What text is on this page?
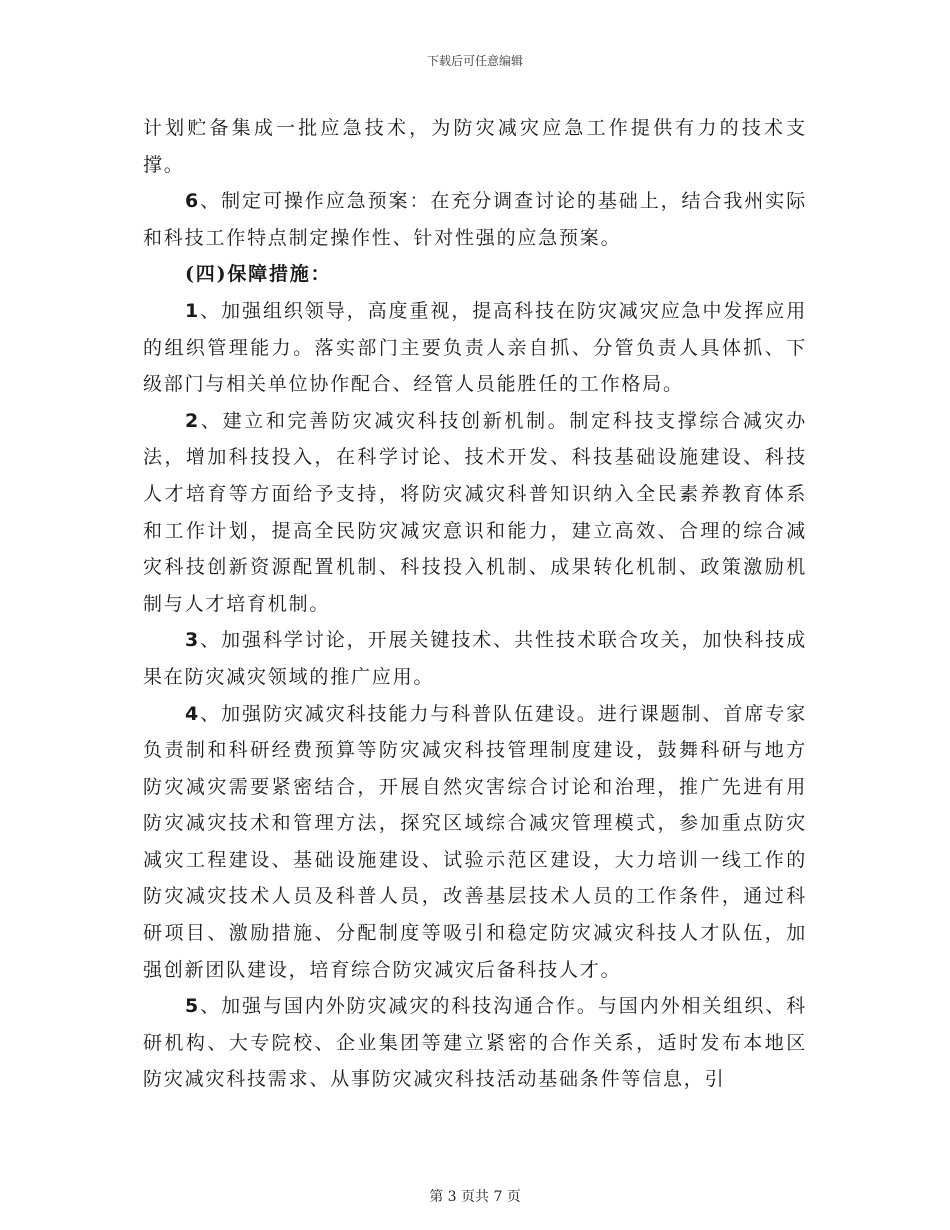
下载后可任意编辑

计划贮备集成一批应急技术，为防灾减灾应急工作提供有力的技术支撑。

6、制定可操作应急预案：在充分调查讨论的基础上，结合我州实际和科技工作特点制定操作性、针对性强的应急预案。

(四)保障措施：

1、加强组织领导，高度重视，提高科技在防灾减灾应急中发挥应用的组织管理能力。落实部门主要负责人亲自抓、分管负责人具体抓、下级部门与相关单位协作配合、经管人员能胜任的工作格局。

2、建立和完善防灾减灾科技创新机制。制定科技支撑综合减灾办法，增加科技投入，在科学讨论、技术开发、科技基础设施建设、科技人才培育等方面给予支持，将防灾减灾科普知识纳入全民素养教育体系和工作计划，提高全民防灾减灾意识和能力，建立高效、合理的综合减灾科技创新资源配置机制、科技投入机制、成果转化机制、政策激励机制与人才培育机制。

3、加强科学讨论，开展关键技术、共性技术联合攻关，加快科技成果在防灾减灾领域的推广应用。

4、加强防灾减灾科技能力与科普队伍建设。进行课题制、首席专家负责制和科研经费预算等防灾减灾科技管理制度建设，鼓舞科研与地方防灾减灾需要紧密结合，开展自然灾害综合讨论和治理，推广先进有用防灾减灾技术和管理方法，探究区域综合减灾管理模式，参加重点防灾减灾工程建设、基础设施建设、试验示范区建设，大力培训一线工作的防灾减灾技术人员及科普人员，改善基层技术人员的工作条件，通过科研项目、激励措施、分配制度等吸引和稳定防灾减灾科技人才队伍，加强创新团队建设，培育综合防灾减灾后备科技人才。

5、加强与国内外防灾减灾的科技沟通合作。与国内外相关组织、科研机构、大专院校、企业集团等建立紧密的合作关系，适时发布本地区防灾减灾科技需求、从事防灾减灾科技活动基础条件等信息，引

第 3 页共 7 页
